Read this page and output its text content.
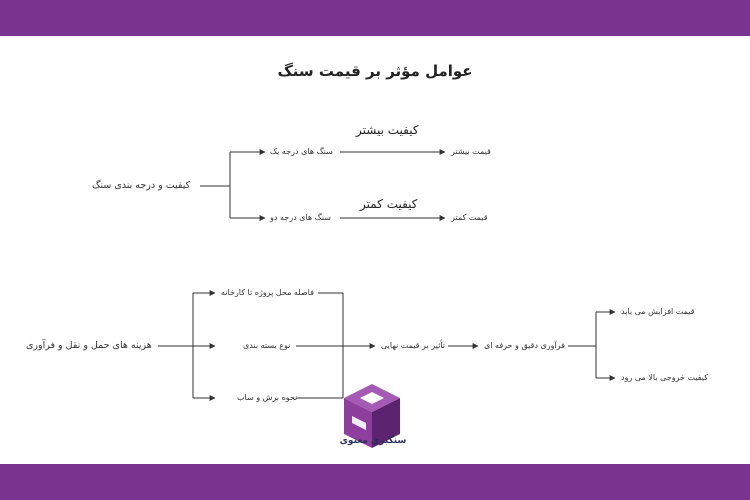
عوامل مؤثر بر قیمت سنگ
کیفیت و درجه بندی سنگ
سنگ های درجه یک
سنگ های درجه دو
کیفیت بیشتر
کیفیت کمتر
قیمت بیشتر
قیمت کمتر
هزینه های حمل و نقل و فرآوری
فاصله محل پروژه تا کارخانه
نوع بسته بندی
نحوه برش و ساب
تأثیر بر قیمت نهایی	فرآوری دقیق و حرفه ای
قیمت افزایش می یابد
کیفیت خروجی بالا می رود
سنگبری معنوی
